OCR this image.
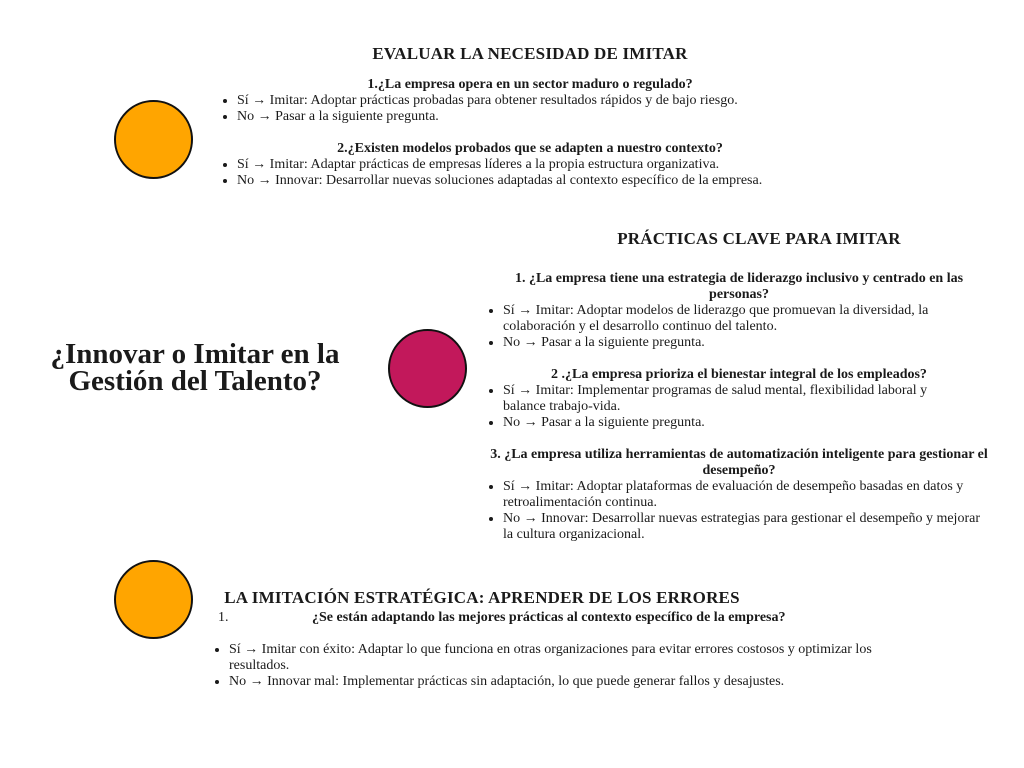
¿Innovar o Imitar en la Gestión del Talento?
EVALUAR LA NECESIDAD DE IMITAR
1.¿La empresa opera en un sector maduro o regulado?
• Sí → Imitar: Adoptar prácticas probadas para obtener resultados rápidos y de bajo riesgo.
• No → Pasar a la siguiente pregunta.
2.¿Existen modelos probados que se adapten a nuestro contexto?
• Sí → Imitar: Adaptar prácticas de empresas líderes a la propia estructura organizativa.
• No → Innovar: Desarrollar nuevas soluciones adaptadas al contexto específico de la empresa.
PRÁCTICAS CLAVE PARA IMITAR
1. ¿La empresa tiene una estrategia de liderazgo inclusivo y centrado en las personas?
• Sí → Imitar: Adoptar modelos de liderazgo que promuevan la diversidad, la colaboración y el desarrollo continuo del talento.
• No → Pasar a la siguiente pregunta.
2 .¿La empresa prioriza el bienestar integral de los empleados?
• Sí → Imitar: Implementar programas de salud mental, flexibilidad laboral y balance trabajo-vida.
• No → Pasar a la siguiente pregunta.
3. ¿La empresa utiliza herramientas de automatización inteligente para gestionar el desempeño?
• Sí → Imitar: Adoptar plataformas de evaluación de desempeño basadas en datos y retroalimentación continua.
• No → Innovar: Desarrollar nuevas estrategias para gestionar el desempeño y mejorar la cultura organizacional.
LA IMITACIÓN ESTRATÉGICA: APRENDER DE LOS ERRORES
1.	¿Se están adaptando las mejores prácticas al contexto específico de la empresa?
• Sí → Imitar con éxito: Adaptar lo que funciona en otras organizaciones para evitar errores costosos y optimizar los resultados.
• No → Innovar mal: Implementar prácticas sin adaptación, lo que puede generar fallos y desajustes.
